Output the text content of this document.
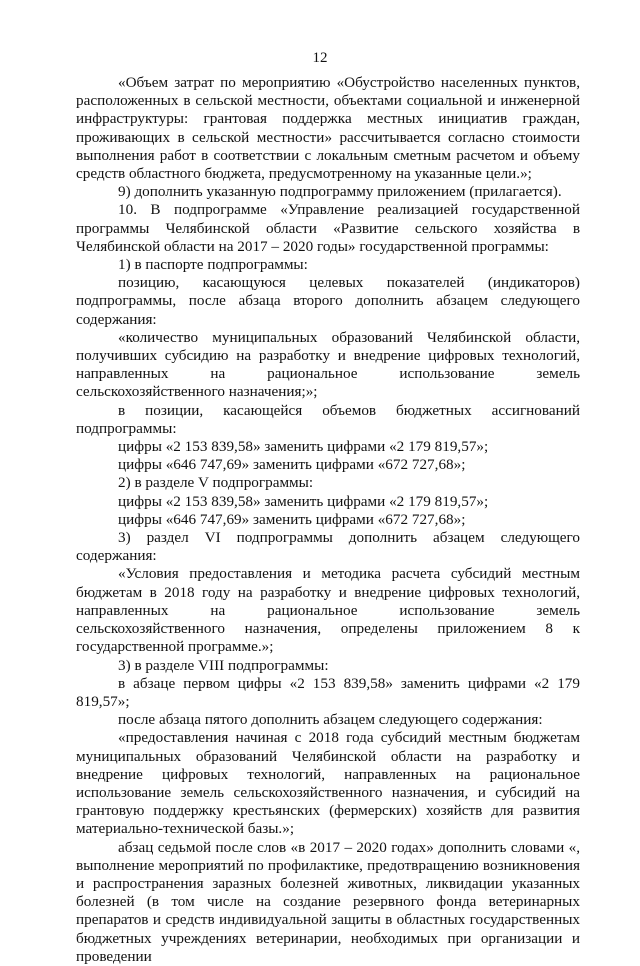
12

«Объем затрат по мероприятию «Обустройство населенных пунктов, расположенных в сельской местности, объектами социальной и инженерной инфраструктуры: грантовая поддержка местных инициатив граждан, проживающих в сельской местности» рассчитывается согласно стоимости выполнения работ в соответствии с локальным сметным расчетом и объему средств областного бюджета, предусмотренному на указанные цели.»;

9) дополнить указанную подпрограмму приложением (прилагается).

10. В подпрограмме «Управление реализацией государственной программы Челябинской области «Развитие сельского хозяйства в Челябинской области на 2017 – 2020 годы» государственной программы:

1) в паспорте подпрограммы:

позицию, касающуюся целевых показателей (индикаторов) подпрограммы, после абзаца второго дополнить абзацем следующего содержания:

«количество муниципальных образований Челябинской области, получивших субсидию на разработку и внедрение цифровых технологий, направленных на рациональное использование земель сельскохозяйственного назначения;»;

в позиции, касающейся объемов бюджетных ассигнований подпрограммы:

цифры «2 153 839,58» заменить цифрами «2 179 819,57»;

цифры «646 747,69» заменить цифрами «672 727,68»;

2) в разделе V подпрограммы:

цифры «2 153 839,58» заменить цифрами «2 179 819,57»;

цифры «646 747,69» заменить цифрами «672 727,68»;

3) раздел VI подпрограммы дополнить абзацем следующего содержания:

«Условия предоставления и методика расчета субсидий местным бюджетам в 2018 году на разработку и внедрение цифровых технологий, направленных на рациональное использование земель сельскохозяйственного назначения, определены приложением 8 к государственной программе.»;

3) в разделе VIII подпрограммы:

в абзаце первом цифры «2 153 839,58» заменить цифрами «2 179 819,57»;

после абзаца пятого дополнить абзацем следующего содержания:

«предоставления начиная с 2018 года субсидий местным бюджетам муниципальных образований Челябинской области на разработку и внедрение цифровых технологий, направленных на рациональное использование земель сельскохозяйственного назначения, и субсидий на грантовую поддержку крестьянских (фермерских) хозяйств для развития материально-технической базы.»;

абзац седьмой после слов «в 2017 – 2020 годах» дополнить словами «, выполнение мероприятий по профилактике, предотвращению возникновения и распространения заразных болезней животных, ликвидации указанных болезней (в том числе на создание резервного фонда ветеринарных препаратов и средств индивидуальной защиты в областных государственных бюджетных учреждениях ветеринарии, необходимых при организации и проведении
